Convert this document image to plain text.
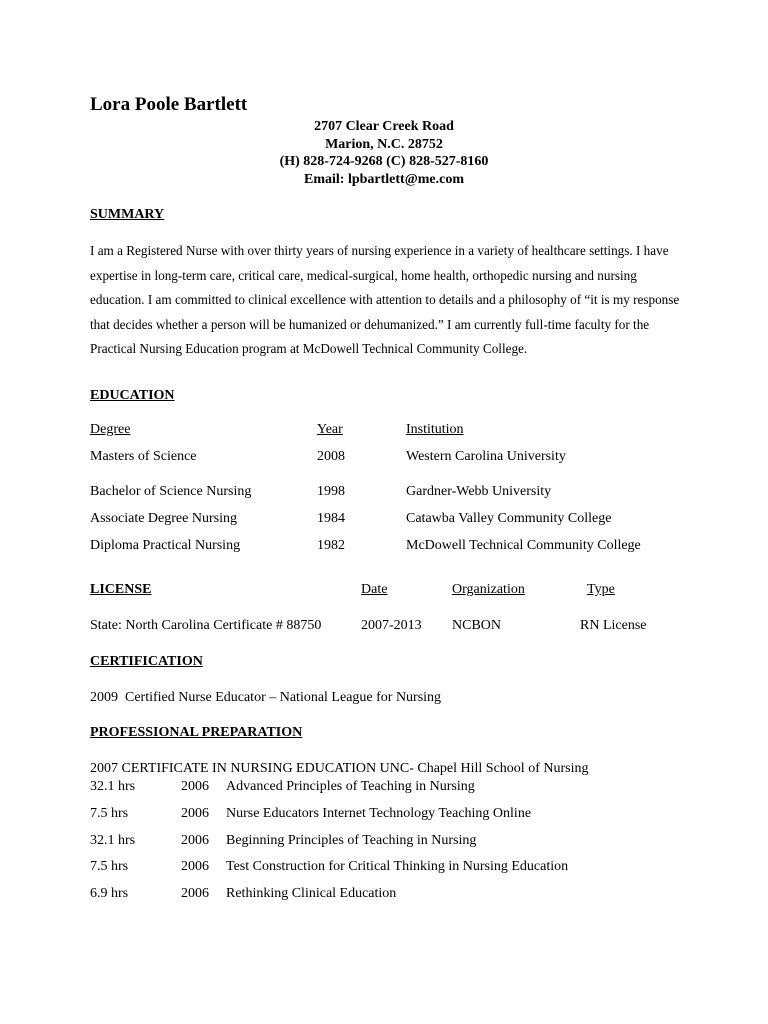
Lora Poole Bartlett
2707 Clear Creek Road
Marion, N.C. 28752
(H) 828-724-9268 (C) 828-527-8160
Email: lpbartlett@me.com
SUMMARY
I am a Registered Nurse with over thirty years of nursing experience in a variety of healthcare settings. I have expertise in long-term care, critical care, medical-surgical, home health, orthopedic nursing and nursing education. I am committed to clinical excellence with attention to details and a philosophy of “it is my response that decides whether a person will be humanized or dehumanized.” I am currently full-time faculty for the Practical Nursing Education program at McDowell Technical Community College.
EDUCATION
Degree	Year	Institution
Masters of Science	2008	Western Carolina University
Bachelor of Science Nursing	1998	Gardner-Webb University
Associate Degree Nursing	1984	Catawba Valley Community College
Diploma Practical Nursing	1982	McDowell Technical Community College
LICENSE	Date	Organization	Type
State: North Carolina Certificate # 88750	2007-2013 NCBON	RN License
CERTIFICATION
2009  Certified Nurse Educator – National League for Nursing
PROFESSIONAL PREPARATION
2007 CERTIFICATE IN NURSING EDUCATION UNC- Chapel Hill School of Nursing
32.1 hrs	2006 Advanced Principles of Teaching in Nursing
7.5 hrs	2006 Nurse Educators Internet Technology Teaching Online
32.1 hrs	2006 Beginning Principles of Teaching in Nursing
7.5 hrs	2006 Test Construction for Critical Thinking in Nursing Education
6.9 hrs	2006 Rethinking Clinical Education
